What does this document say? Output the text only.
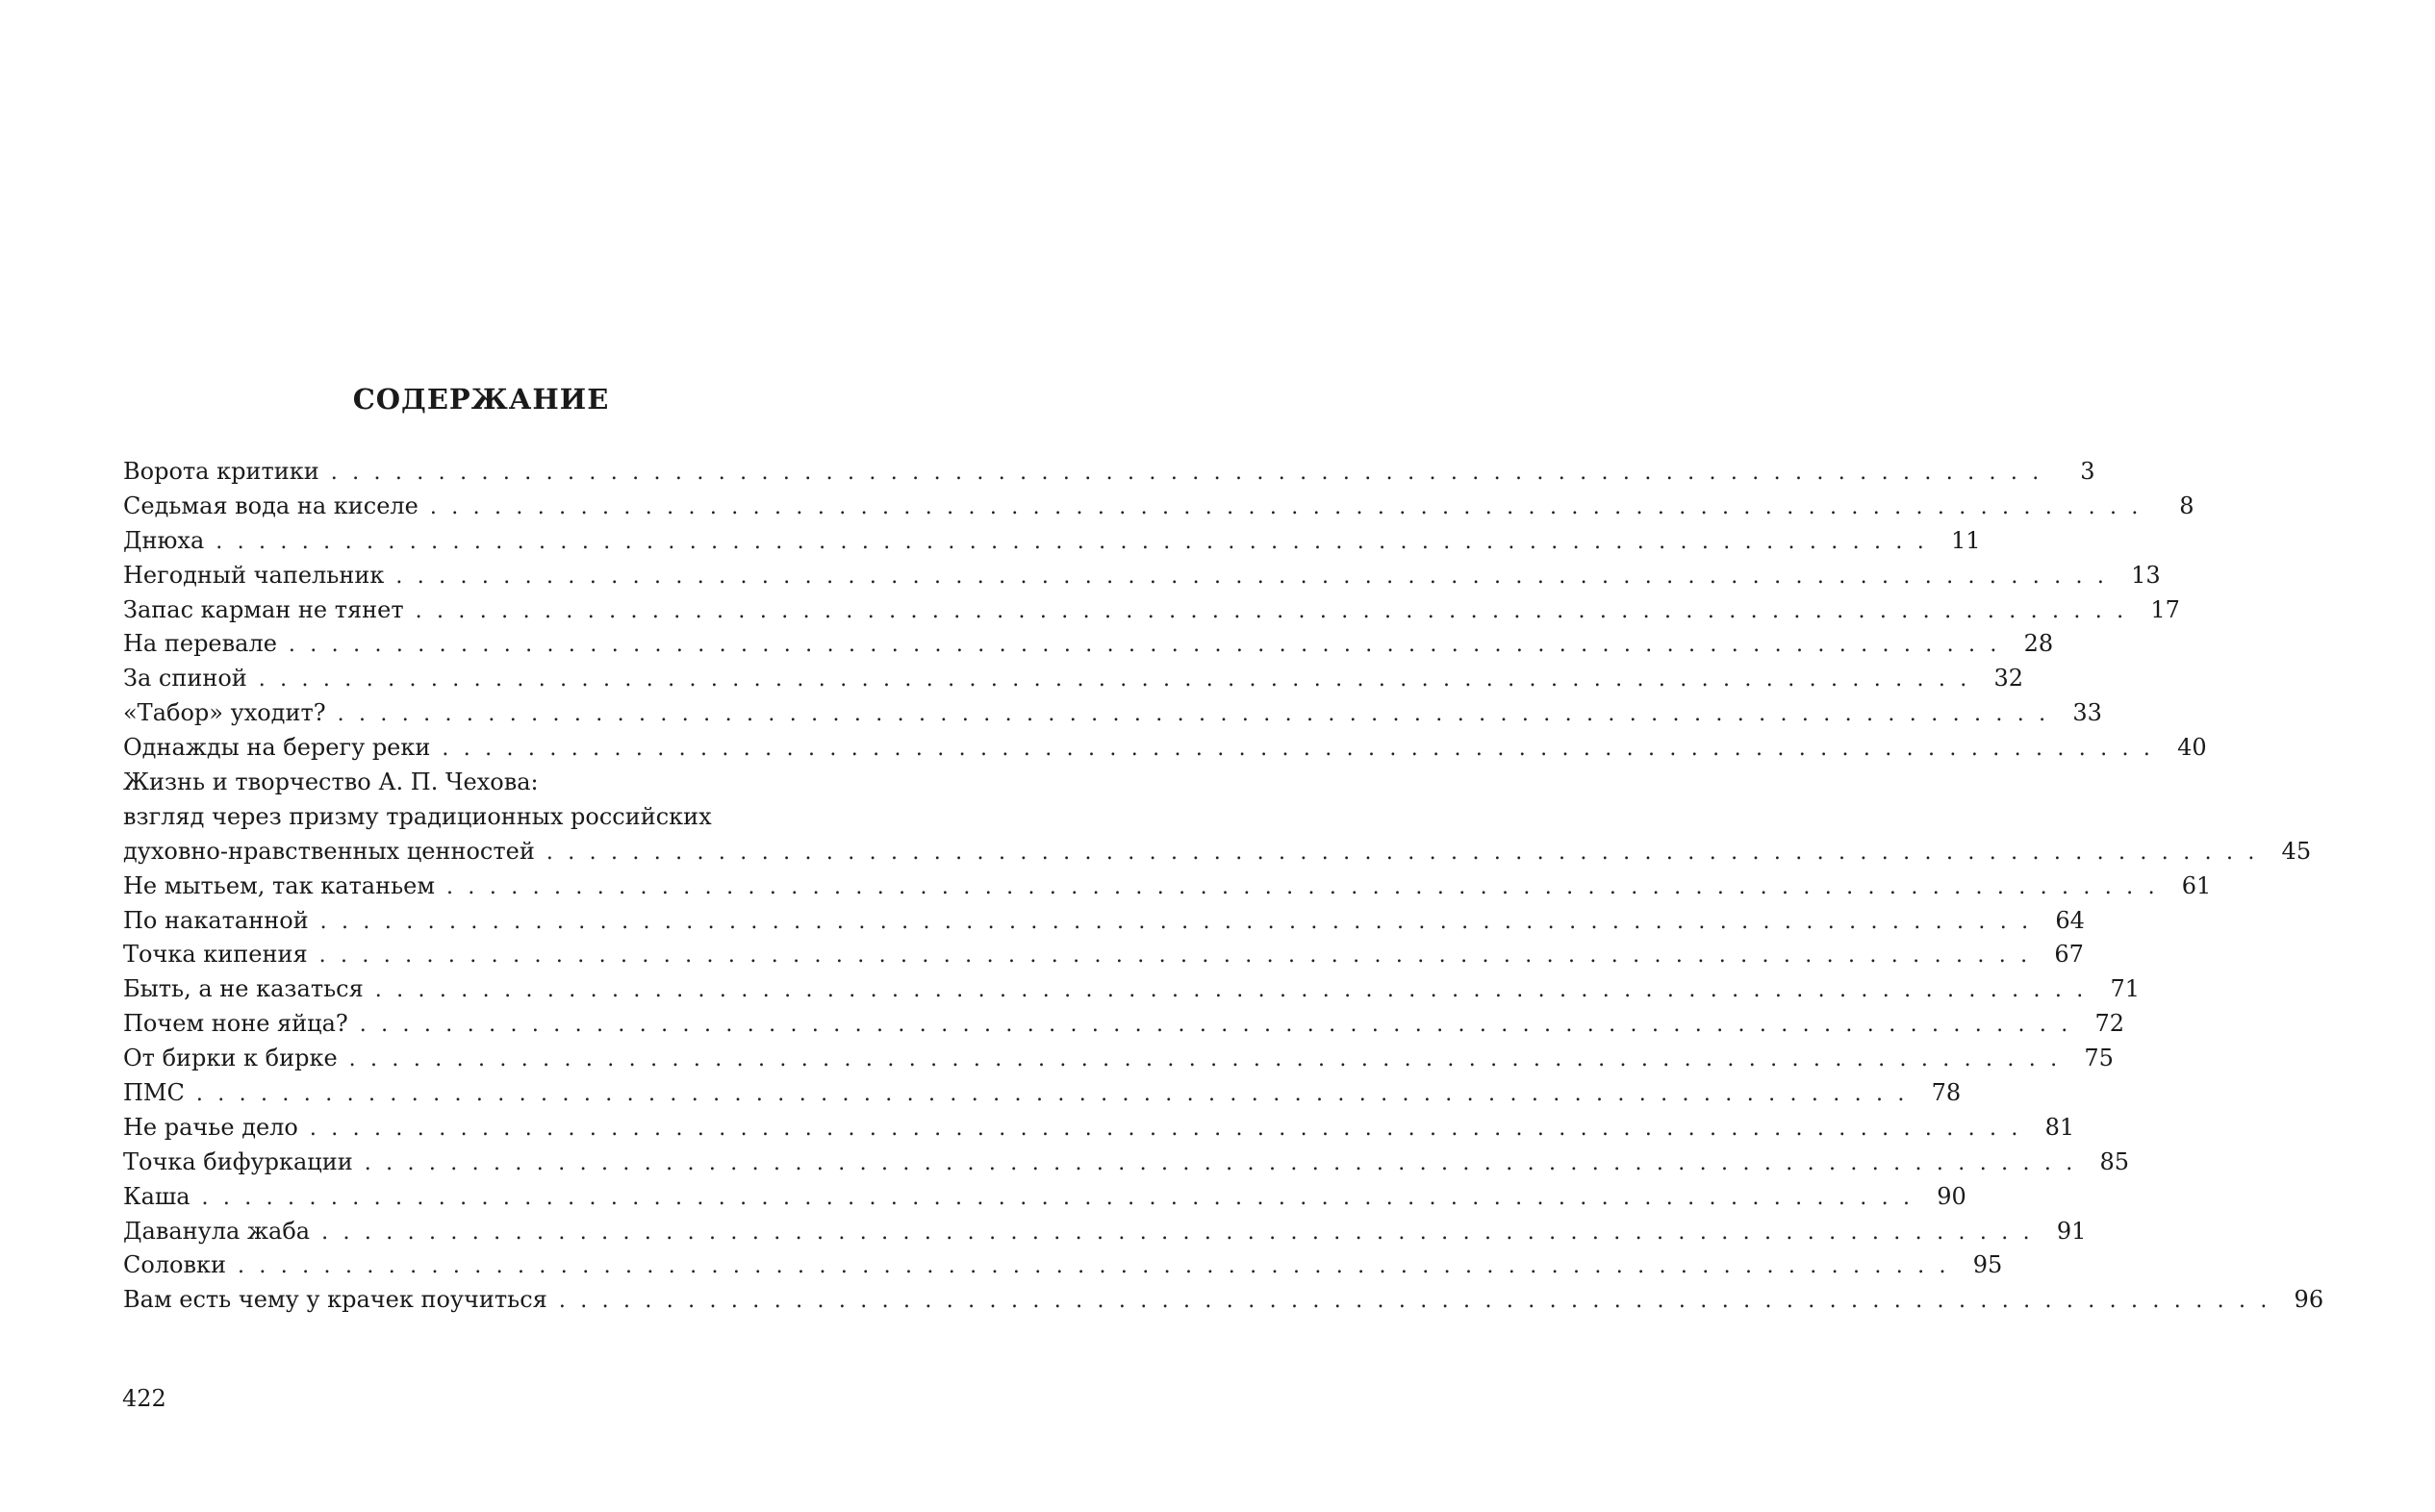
СОДЕРЖАНИЕ
Ворота критики . . . . . . . . . . . . . . . . . . . . . . . . . . . . . . . . . . . . . . . . . . . . . . . . . . . . . . . . . . . . . . . . . . . . . . . . . . . . . . . .	3
Седьмая вода на киселе . . . . . . . . . . . . . . . . . . . . . . . . . . . . . . . . . . . . . . . . . . . . . . . . . . . . . . . . . . . . . . . . . . . . . . . . . . . . . . . .	8
Днюха . . . . . . . . . . . . . . . . . . . . . . . . . . . . . . . . . . . . . . . . . . . . . . . . . . . . . . . . . . . . . . . . . . . . . . . . . . . . . . . . 11
Негодный чапельник . . . . . . . . . . . . . . . . . . . . . . . . . . . . . . . . . . . . . . . . . . . . . . . . . . . . . . . . . . . . . . . . . . . . . . . . . . . . . . . . 13
Запас карман не тянет . . . . . . . . . . . . . . . . . . . . . . . . . . . . . . . . . . . . . . . . . . . . . . . . . . . . . . . . . . . . . . . . . . . . . . . . . . . . . . . . 17
На перевале . . . . . . . . . . . . . . . . . . . . . . . . . . . . . . . . . . . . . . . . . . . . . . . . . . . . . . . . . . . . . . . . . . . . . . . . . . . . . . . . 28
За спиной . . . . . . . . . . . . . . . . . . . . . . . . . . . . . . . . . . . . . . . . . . . . . . . . . . . . . . . . . . . . . . . . . . . . . . . . . . . . . . . . 32
«Табор» уходит? . . . . . . . . . . . . . . . . . . . . . . . . . . . . . . . . . . . . . . . . . . . . . . . . . . . . . . . . . . . . . . . . . . . . . . . . . . . . . . . . 33
Однажды на берегу реки . . . . . . . . . . . . . . . . . . . . . . . . . . . . . . . . . . . . . . . . . . . . . . . . . . . . . . . . . . . . . . . . . . . . . . . . . . . . . . . . 40
Жизнь и творчество А. П. Чехова:
взгляд через призму традиционных российских
духовно-нравственных ценностей . . . . . . . . . . . . . . . . . . . . . . . . . . . . . . . . . . . . . . . . . . . . . . . . . . . . . . . . . . . . . . . . . . . . . . . . . . . . . . . . 45
Не мытьем, так катаньем . . . . . . . . . . . . . . . . . . . . . . . . . . . . . . . . . . . . . . . . . . . . . . . . . . . . . . . . . . . . . . . . . . . . . . . . . . . . . . . . 61
По накатанной . . . . . . . . . . . . . . . . . . . . . . . . . . . . . . . . . . . . . . . . . . . . . . . . . . . . . . . . . . . . . . . . . . . . . . . . . . . . . . . . 64
Точка кипения . . . . . . . . . . . . . . . . . . . . . . . . . . . . . . . . . . . . . . . . . . . . . . . . . . . . . . . . . . . . . . . . . . . . . . . . . . . . . . . . 67
Быть, а не казаться . . . . . . . . . . . . . . . . . . . . . . . . . . . . . . . . . . . . . . . . . . . . . . . . . . . . . . . . . . . . . . . . . . . . . . . . . . . . . . . . 71
Почем ноне яйца? . . . . . . . . . . . . . . . . . . . . . . . . . . . . . . . . . . . . . . . . . . . . . . . . . . . . . . . . . . . . . . . . . . . . . . . . . . . . . . . . 72
От бирки к бирке . . . . . . . . . . . . . . . . . . . . . . . . . . . . . . . . . . . . . . . . . . . . . . . . . . . . . . . . . . . . . . . . . . . . . . . . . . . . . . . . 75
ПМС . . . . . . . . . . . . . . . . . . . . . . . . . . . . . . . . . . . . . . . . . . . . . . . . . . . . . . . . . . . . . . . . . . . . . . . . . . . . . . . . 78
Не рачье дело . . . . . . . . . . . . . . . . . . . . . . . . . . . . . . . . . . . . . . . . . . . . . . . . . . . . . . . . . . . . . . . . . . . . . . . . . . . . . . . . 81
Точка бифуркации . . . . . . . . . . . . . . . . . . . . . . . . . . . . . . . . . . . . . . . . . . . . . . . . . . . . . . . . . . . . . . . . . . . . . . . . . . . . . . . . 85
Каша . . . . . . . . . . . . . . . . . . . . . . . . . . . . . . . . . . . . . . . . . . . . . . . . . . . . . . . . . . . . . . . . . . . . . . . . . . . . . . . . 90
Даванула жаба . . . . . . . . . . . . . . . . . . . . . . . . . . . . . . . . . . . . . . . . . . . . . . . . . . . . . . . . . . . . . . . . . . . . . . . . . . . . . . . . 91
Соловки . . . . . . . . . . . . . . . . . . . . . . . . . . . . . . . . . . . . . . . . . . . . . . . . . . . . . . . . . . . . . . . . . . . . . . . . . . . . . . . . 95
Вам есть чему у крачек поучиться . . . . . . . . . . . . . . . . . . . . . . . . . . . . . . . . . . . . . . . . . . . . . . . . . . . . . . . . . . . . . . . . . . . . . . . . . . . . . . . . 96
422
